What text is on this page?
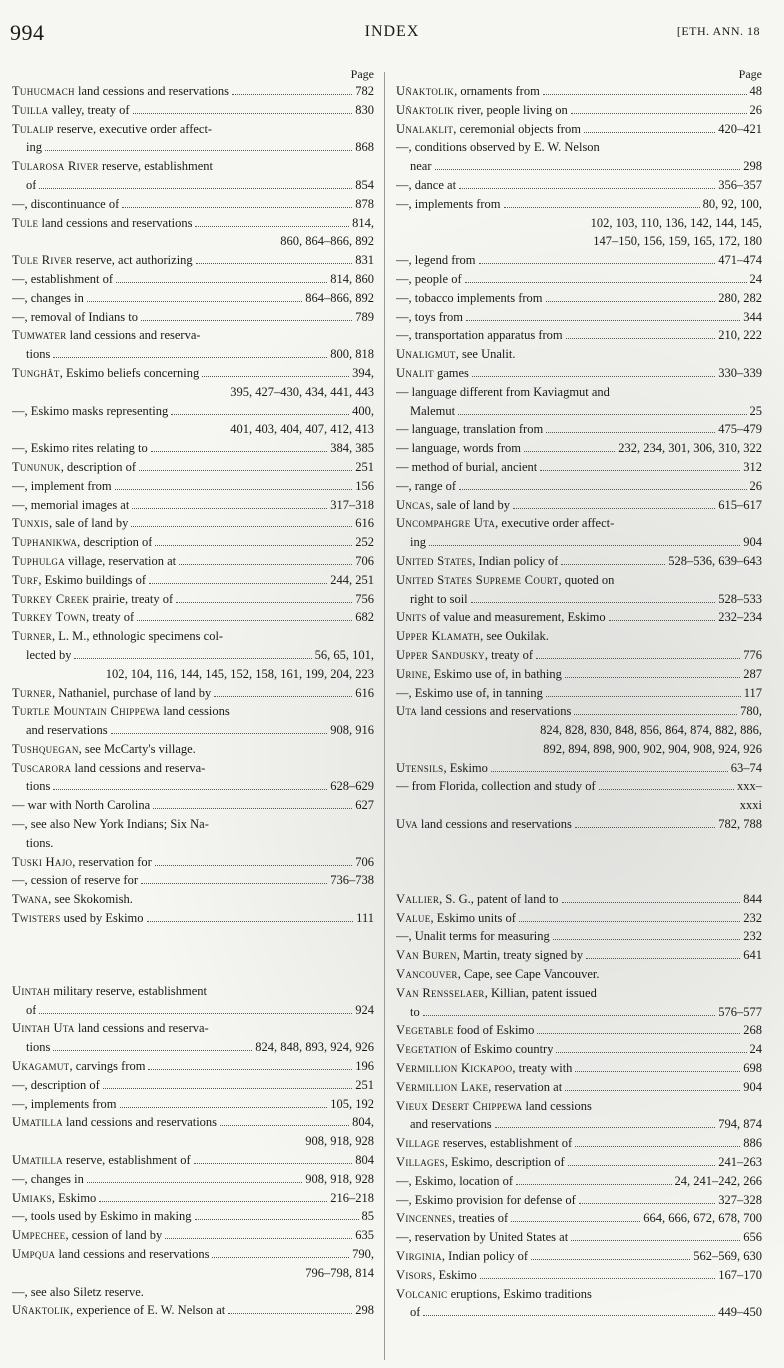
994	INDEX	[ETH. ANN. 18
Page
Tuhucmach land cessions and reservations	782
Tuilla valley, treaty of	830
Tulalip reserve, executive order affect-
ing	868
Tularosa River reserve, establishment
of	854
—, discontinuance of	878
Tule land cessions and reservations	814,
860, 864–866, 892
Tule River reserve, act authorizing	831
—, establishment of	814, 860
—, changes in	864–866, 892
—, removal of Indians to	789
Tumwater land cessions and reserva-
tions	800, 818
Tunghât, Eskimo beliefs concerning	394,
395, 427–430, 434, 441, 443
—, Eskimo masks representing	400,
401, 403, 404, 407, 412, 413
—, Eskimo rites relating to	384, 385
Tununuk, description of	251
—, implement from	156
—, memorial images at	317–318
Tunxis, sale of land by	616
Tuphanikwa, description of	252
Tuphulga village, reservation at	706
Turf, Eskimo buildings of	244, 251
Turkey Creek prairie, treaty of	756
Turkey Town, treaty of	682
Turner, L. M., ethnologic specimens col-
lected by	56, 65, 101,
102, 104, 116, 144, 145, 152, 158, 161, 199, 204, 223
Turner, Nathaniel, purchase of land by	616
Turtle Mountain Chippewa land cessions
and reservations	908, 916
Tushquegan, see McCarty's village.
Tuscarora land cessions and reserva-
tions	628–629
— war with North Carolina	627
—, see also New York Indians; Six Na-
tions.
Tuski Hajo, reservation for	706
—, cession of reserve for	736–738
Twana, see Skokomish.
Twisters used by Eskimo	111
Uintah military reserve, establishment
of	924
Uintah Uta land cessions and reserva-
tions	824, 848, 893, 924, 926
Ukagamut, carvings from	196
—, description of	251
—, implements from	105, 192
Umatilla land cessions and reservations	804,
908, 918, 928
Umatilla reserve, establishment of	804
—, changes in	908, 918, 928
Umiaks, Eskimo	216–218
—, tools used by Eskimo in making	85
Umpechee, cession of land by	635
Umpqua land cessions and reservations	790,
796–798, 814
—, see also Siletz reserve.
Uñaktolik, experience of E. W. Nelson at	298
Page
Uñaktolik, ornaments from	48
Uñaktolik river, people living on	26
Unalaklit, ceremonial objects from	420–421
—, conditions observed by E. W. Nelson
near	298
—, dance at	356–357
—, implements from	80, 92, 100,
102, 103, 110, 136, 142, 144, 145,
147–150, 156, 159, 165, 172, 180
—, legend from	471–474
—, people of	24
—, tobacco implements from	280, 282
—, toys from	344
—, transportation apparatus from	210, 222
Unaligmut, see Unalit.
Unalit games	330–339
— language different from Kaviagmut and
Malemut	25
— language, translation from	475–479
— language, words from	232, 234, 301, 306, 310, 322
— method of burial, ancient	312
—, range of	26
Uncas, sale of land by	615–617
Uncompahgre Uta, executive order affect-
ing	904
United States, Indian policy of	528–536, 639–643
United States Supreme Court, quoted on
right to soil	528–533
Units of value and measurement, Eskimo	232–234
Upper Klamath, see Oukilak.
Upper Sandusky, treaty of	776
Urine, Eskimo use of, in bathing	287
—, Eskimo use of, in tanning	117
Uta land cessions and reservations	780,
824, 828, 830, 848, 856, 864, 874, 882, 886,
892, 894, 898, 900, 902, 904, 908, 924, 926
Utensils, Eskimo	63–74
— from Florida, collection and study of	xxx–
xxxi
Uva land cessions and reservations	782, 788
Vallier, S. G., patent of land to	844
Value, Eskimo units of	232
—, Unalit terms for measuring	232
Van Buren, Martin, treaty signed by	641
Vancouver, Cape, see Cape Vancouver.
Van Rensselaer, Killian, patent issued
to	576–577
Vegetable food of Eskimo	268
Vegetation of Eskimo country	24
Vermillion Kickapoo, treaty with	698
Vermillion Lake, reservation at	904
Vieux Desert Chippewa land cessions
and reservations	794, 874
Village reserves, establishment of	886
Villages, Eskimo, description of	241–263
—, Eskimo, location of	24, 241–242, 266
—, Eskimo provision for defense of	327–328
Vincennes, treaties of	664, 666, 672, 678, 700
—, reservation by United States at	656
Virginia, Indian policy of	562–569, 630
Visors, Eskimo	167–170
Volcanic eruptions, Eskimo traditions
of	449–450
